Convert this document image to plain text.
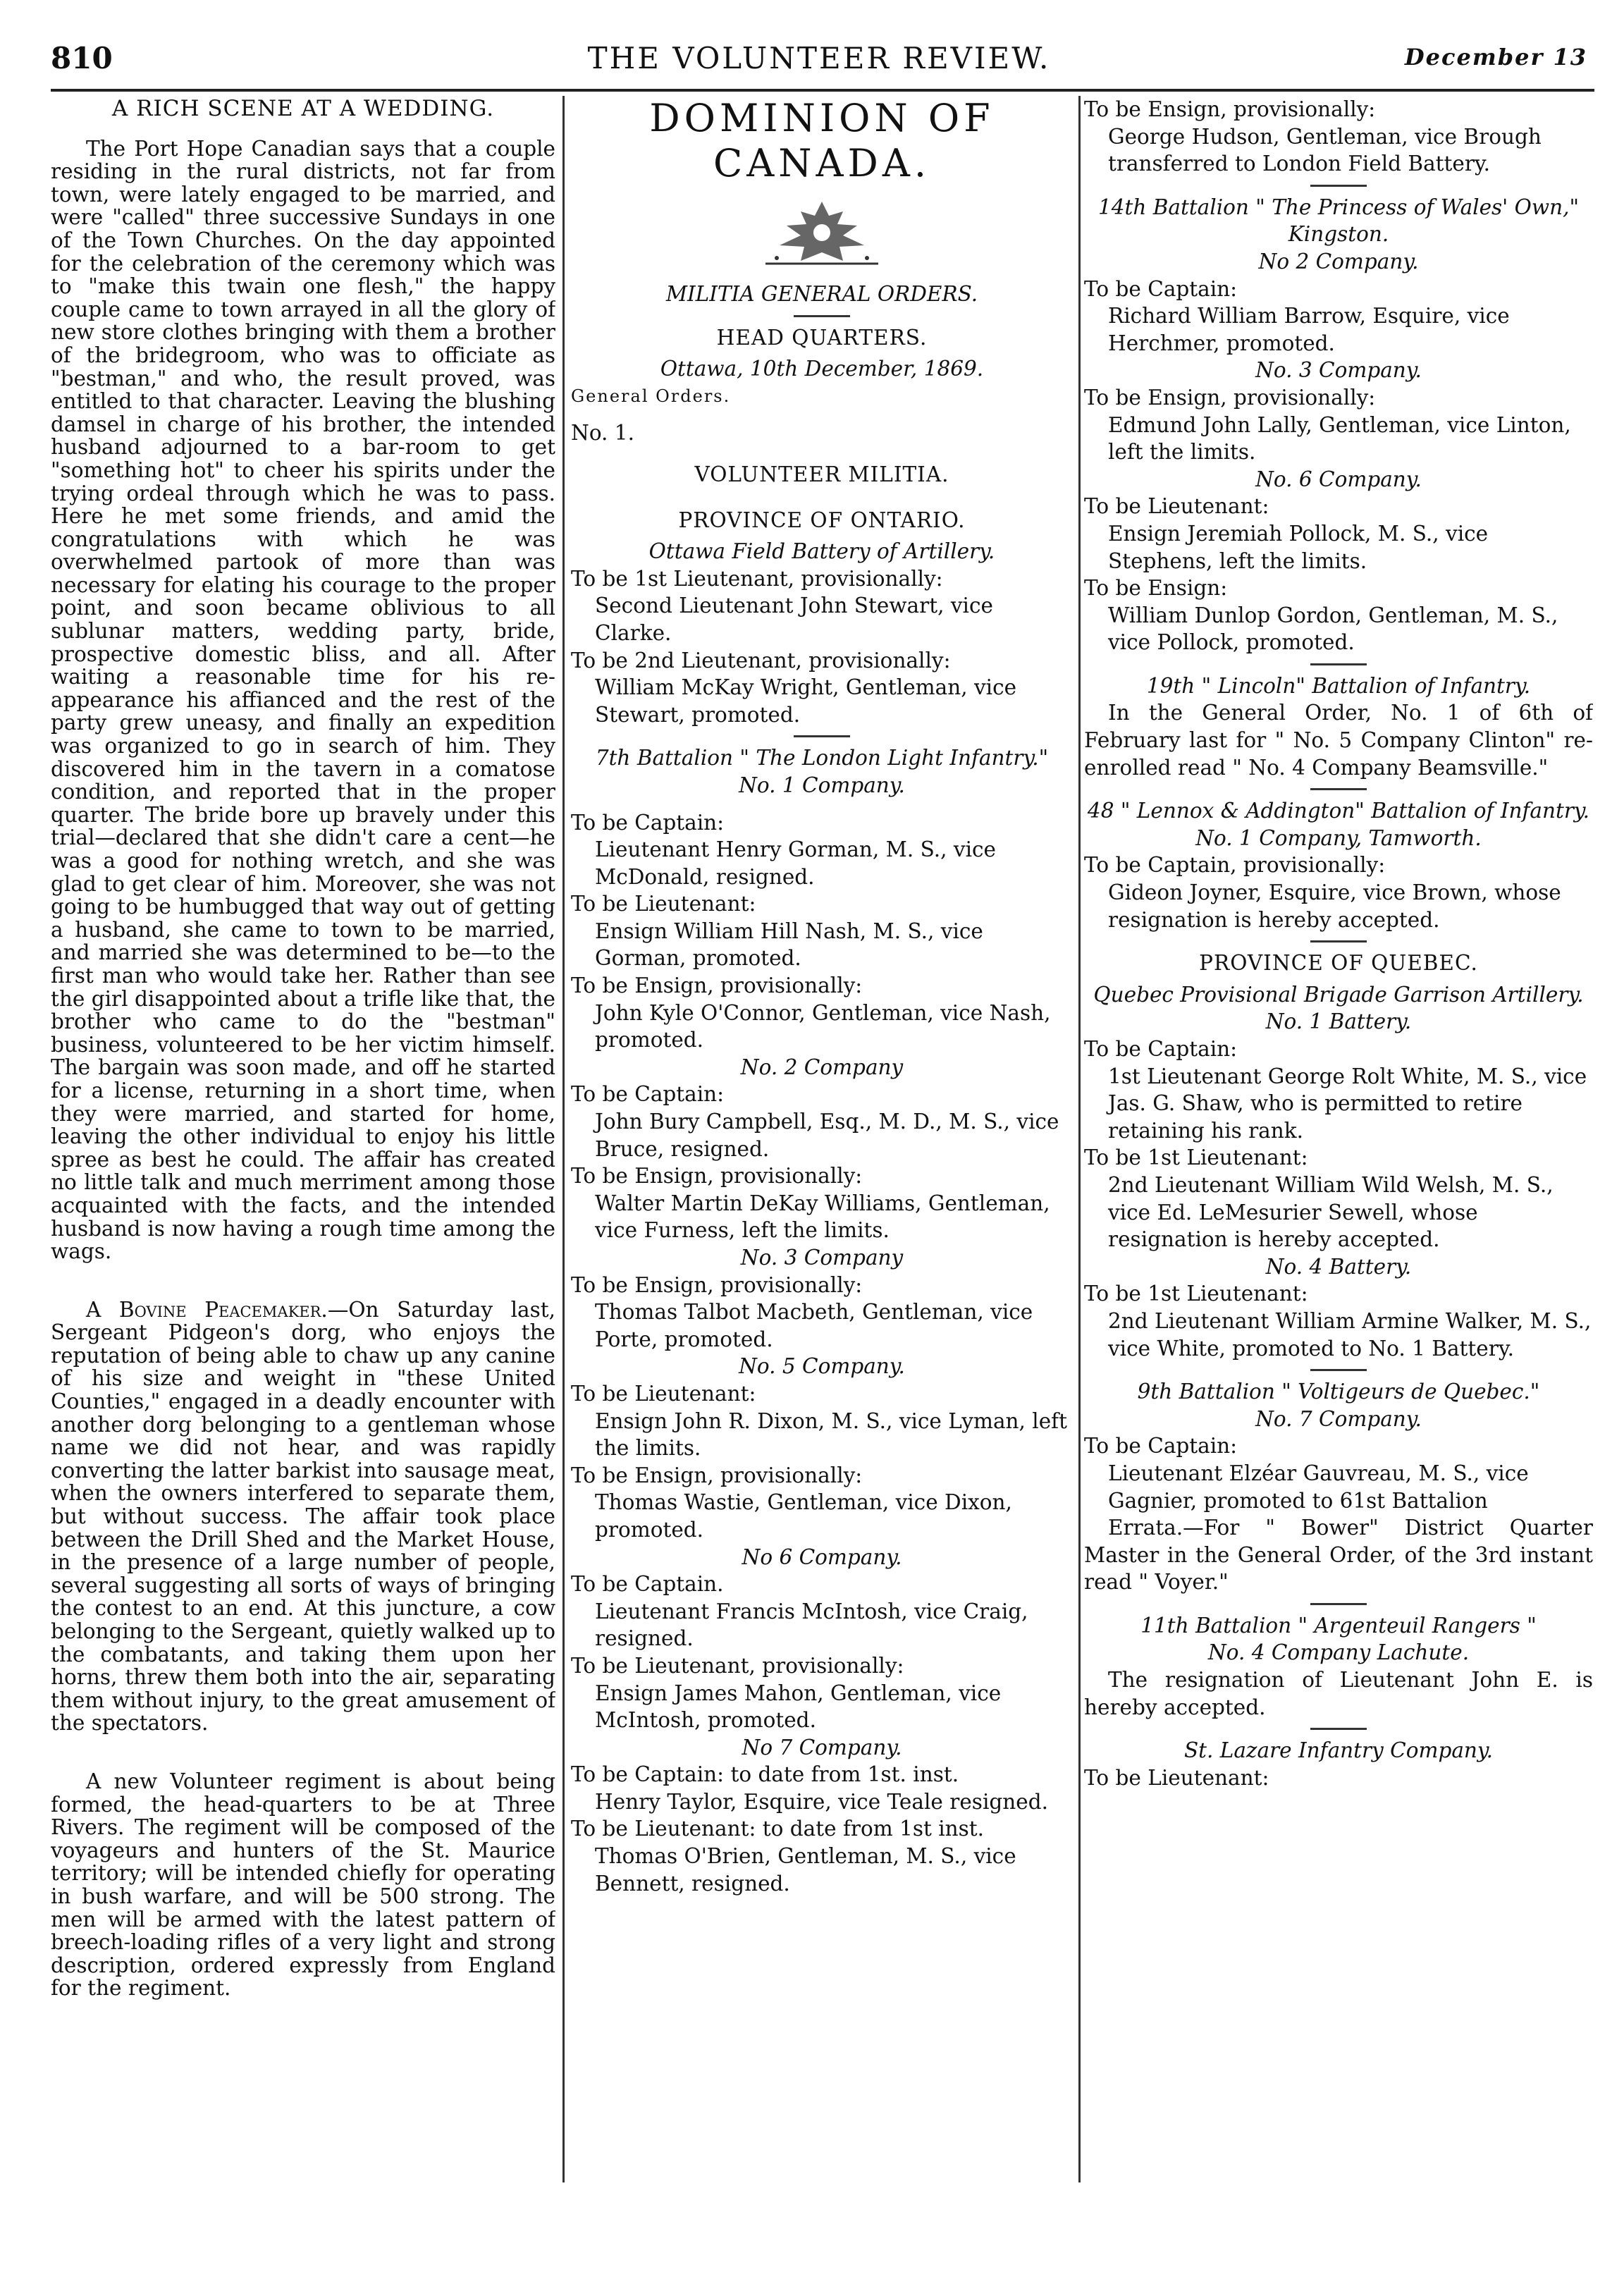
810	THE VOLUNTEER REVIEW.	December 13
A RICH SCENE AT A WEDDING.

The Port Hope Canadian says that a couple residing in the rural districts, not far from town, were lately engaged to be married, and were "called" three successive Sundays in one of the Town Churches. On the day appointed for the celebration of the ceremony which was to "make this twain one flesh," the happy couple came to town arrayed in all the glory of new store clothes bringing with them a brother of the bridegroom, who was to officiate as "bestman," and who, the result proved, was entitled to that character. Leaving the blushing damsel in charge of his brother, the intended husband adjourned to a bar-room to get "something hot" to cheer his spirits under the trying ordeal through which he was to pass. Here he met some friends, and amid the congratulations with which he was overwhelmed partook of more than was necessary for elating his courage to the proper point, and soon became oblivious to all sublunar matters, wedding party, bride, prospective domestic bliss, and all. After waiting a reasonable time for his re-appearance his affianced and the rest of the party grew uneasy, and finally an expedition was organized to go in search of him. They discovered him in the tavern in a comatose condition, and reported that in the proper quarter. The bride bore up bravely under this trial—declared that she didn't care a cent—he was a good for nothing wretch, and she was glad to get clear of him. Moreover, she was not going to be humbugged that way out of getting a husband, she came to town to be married, and married she was determined to be—to the first man who would take her. Rather than see the girl disappointed about a trifle like that, the brother who came to do the "bestman" business, volunteered to be her victim himself. The bargain was soon made, and off he started for a license, returning in a short time, when they were married, and started for home, leaving the other individual to enjoy his little spree as best he could. The affair has created no little talk and much merriment among those acquainted with the facts, and the intended husband is now having a rough time among the wags.

A Bovine Peacemaker.—On Saturday last, Sergeant Pidgeon's dorg, who enjoys the reputation of being able to chaw up any canine of his size and weight in "these United Counties," engaged in a deadly encounter with another dorg belonging to a gentleman whose name we did not hear, and was rapidly converting the latter barkist into sausage meat, when the owners interfered to separate them, but without success. The affair took place between the Drill Shed and the Market House, in the presence of a large number of people, several suggesting all sorts of ways of bringing the contest to an end. At this juncture, a cow belonging to the Sergeant, quietly walked up to the combatants, and taking them upon her horns, threw them both into the air, separating them without injury, to the great amusement of the spectators.

A new Volunteer regiment is about being formed, the head-quarters to be at Three Rivers. The regiment will be composed of the voyageurs and hunters of the St. Maurice territory; will be intended chiefly for operating in bush warfare, and will be 500 strong. The men will be armed with the latest pattern of breech-loading rifles of a very light and strong description, ordered expressly from England for the regiment.

DOMINION OF CANADA.
MILITIA GENERAL ORDERS.
HEAD QUARTERS.
Ottawa, 10th December, 1869.
General Orders.
No. 1.
VOLUNTEER MILITIA.
PROVINCE OF ONTARIO.
Ottawa Field Battery of Artillery.
To be 1st Lieutenant, provisionally:
Second Lieutenant John Stewart, vice Clarke.
To be 2nd Lieutenant, provisionally:
William McKay Wright, Gentleman, vice Stewart, promoted.
7th Battalion " The London Light Infantry."
No. 1 Company.
To be Captain:
Lieutenant Henry Gorman, M. S., vice McDonald, resigned.
To be Lieutenant:
Ensign William Hill Nash, M. S., vice Gorman, promoted.
To be Ensign, provisionally:
John Kyle O'Connor, Gentleman, vice Nash, promoted.
No. 2 Company
To be Captain:
John Bury Campbell, Esq., M. D., M. S., vice Bruce, resigned.
To be Ensign, provisionally:
Walter Martin DeKay Williams, Gentleman, vice Furness, left the limits.
No. 3 Company
To be Ensign, provisionally:
Thomas Talbot Macbeth, Gentleman, vice Porte, promoted.
No. 5 Company.
To be Lieutenant:
Ensign John R. Dixon, M. S., vice Lyman, left the limits.
To be Ensign, provisionally:
Thomas Wastie, Gentleman, vice Dixon, promoted.
No 6 Company.
To be Captain.
Lieutenant Francis McIntosh, vice Craig, resigned.
To be Lieutenant, provisionally:
Ensign James Mahon, Gentleman, vice McIntosh, promoted.
No 7 Company.
To be Captain: to date from 1st. inst.
Henry Taylor, Esquire, vice Teale resigned.
To be Lieutenant: to date from 1st inst.
Thomas O'Brien, Gentleman, M. S., vice Bennett, resigned.
To be Ensign, provisionally:
George Hudson, Gentleman, vice Brough transferred to London Field Battery.
14th Battalion " The Princess of Wales' Own," Kingston.
No 2 Company.
To be Captain:
Richard William Barrow, Esquire, vice Herchmer, promoted.
No. 3 Company.
To be Ensign, provisionally:
Edmund John Lally, Gentleman, vice Linton, left the limits.
No. 6 Company.
To be Lieutenant:
Ensign Jeremiah Pollock, M. S., vice Stephens, left the limits.
To be Ensign:
William Dunlop Gordon, Gentleman, M. S., vice Pollock, promoted.
19th " Lincoln" Battalion of Infantry.
In the General Order, No. 1 of 6th of February last for " No. 5 Company Clinton" re-enrolled read " No. 4 Company Beamsville."
48 " Lennox & Addington" Battalion of Infantry.
No. 1 Company, Tamworth.
To be Captain, provisionally:
Gideon Joyner, Esquire, vice Brown, whose resignation is hereby accepted.
PROVINCE OF QUEBEC.
Quebec Provisional Brigade Garrison Artillery.
No. 1 Battery.
To be Captain:
1st Lieutenant George Rolt White, M. S., vice Jas. G. Shaw, who is permitted to retire retaining his rank.
To be 1st Lieutenant:
2nd Lieutenant William Wild Welsh, M. S., vice Ed. LeMesurier Sewell, whose resignation is hereby accepted.
No. 4 Battery.
To be 1st Lieutenant:
2nd Lieutenant William Armine Walker, M. S., vice White, promoted to No. 1 Battery.
9th Battalion " Voltigeurs de Quebec."
No. 7 Company.
To be Captain:
Lieutenant Elzéar Gauvreau, M. S., vice Gagnier, promoted to 61st Battalion
Errata.—For " Bower" District Quarter Master in the General Order, of the 3rd instant read " Voyer."
11th Battalion " Argenteuil Rangers "
No. 4 Company Lachute.
The resignation of Lieutenant John E. is hereby accepted.
St. Lazare Infantry Company.
To be Lieutenant:
